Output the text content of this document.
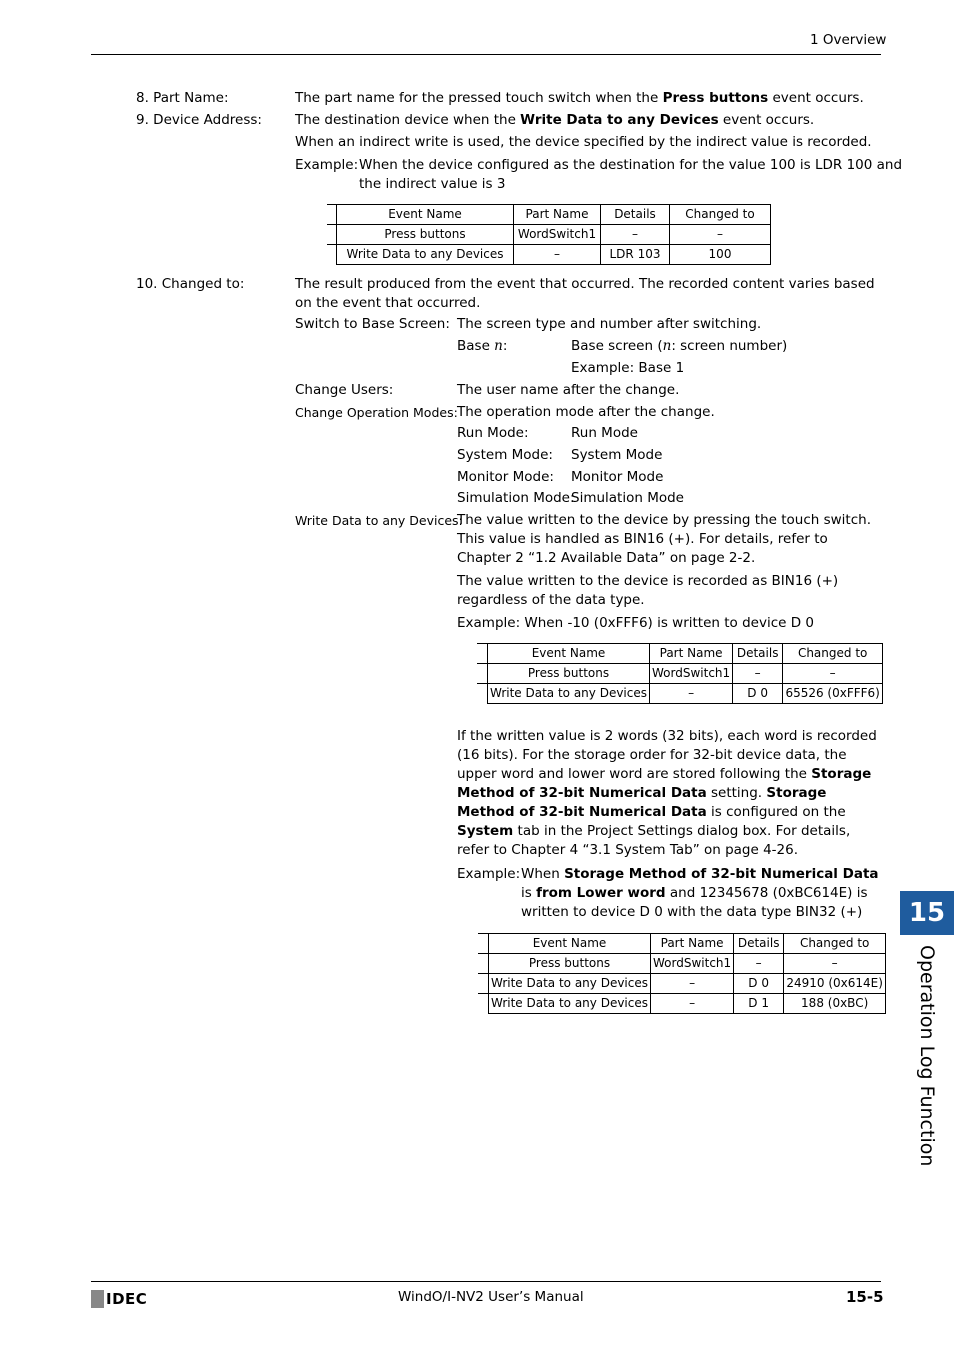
1 Overview
8. Part Name:	The part name for the pressed touch switch when the Press buttons event occurs.
9. Device Address: The destination device when the Write Data to any Devices event occurs.
When an indirect write is used, the device specified by the indirect value is recorded.
Example: When the device configured as the destination for the value 100 is LDR 100 and
the indirect value is 3
	Event Name	Part Name	Details	Changed to
	Press buttons	WordSwitch1	–	–
	Write Data to any Devices	–	LDR 103	100
10. Changed to:	The result produced from the event that occurred. The recorded content varies based on the event that occurred.
Switch to Base Screen: The screen type and number after switching.
Base n:	Base screen (n: screen number)
Example: Base 1
Change Users:	The user name after the change.
Change Operation Modes: The operation mode after the change.
Run Mode:	Run Mode
System Mode: System Mode
Monitor Mode: Monitor Mode
Simulation Mode:
Simulation Mode
Write Data to any Devices:
The value written to the device by pressing the touch switch. This value is handled as BIN16 (+). For details, refer to Chapter 2 “1.2 Available Data” on page 2-2.
The value written to the device is recorded as BIN16 (+) regardless of the data type.
Example: When -10 (0xFFF6) is written to device D 0
	Event Name	Part Name	Details	Changed to
	Press buttons	WordSwitch1	–	–
	Write Data to any Devices	–	D 0	65526 (0xFFF6)
If the written value is 2 words (32 bits), each word is recorded (16 bits). For the storage order for 32-bit device data, the upper word and lower word are stored following the Storage Method of 32-bit Numerical Data setting. Storage Method of 32-bit Numerical Data is configured on the System tab in the Project Settings dialog box. For details, refer to Chapter 4 “3.1 System Tab” on page 4-26.
Example: When Storage Method of 32-bit Numerical Data is from Lower word and 12345678 (0xBC614E) is written to device D 0 with the data type BIN32 (+)
	Event Name	Part Name	Details	Changed to
	Press buttons	WordSwitch1	–	–
	Write Data to any Devices	–	D 0	24910 (0x614E)
	Write Data to any Devices	–	D 1	188 (0xBC)
15
Operation Log Function
IDEC	WindO/I-NV2 User’s Manual	15-5
